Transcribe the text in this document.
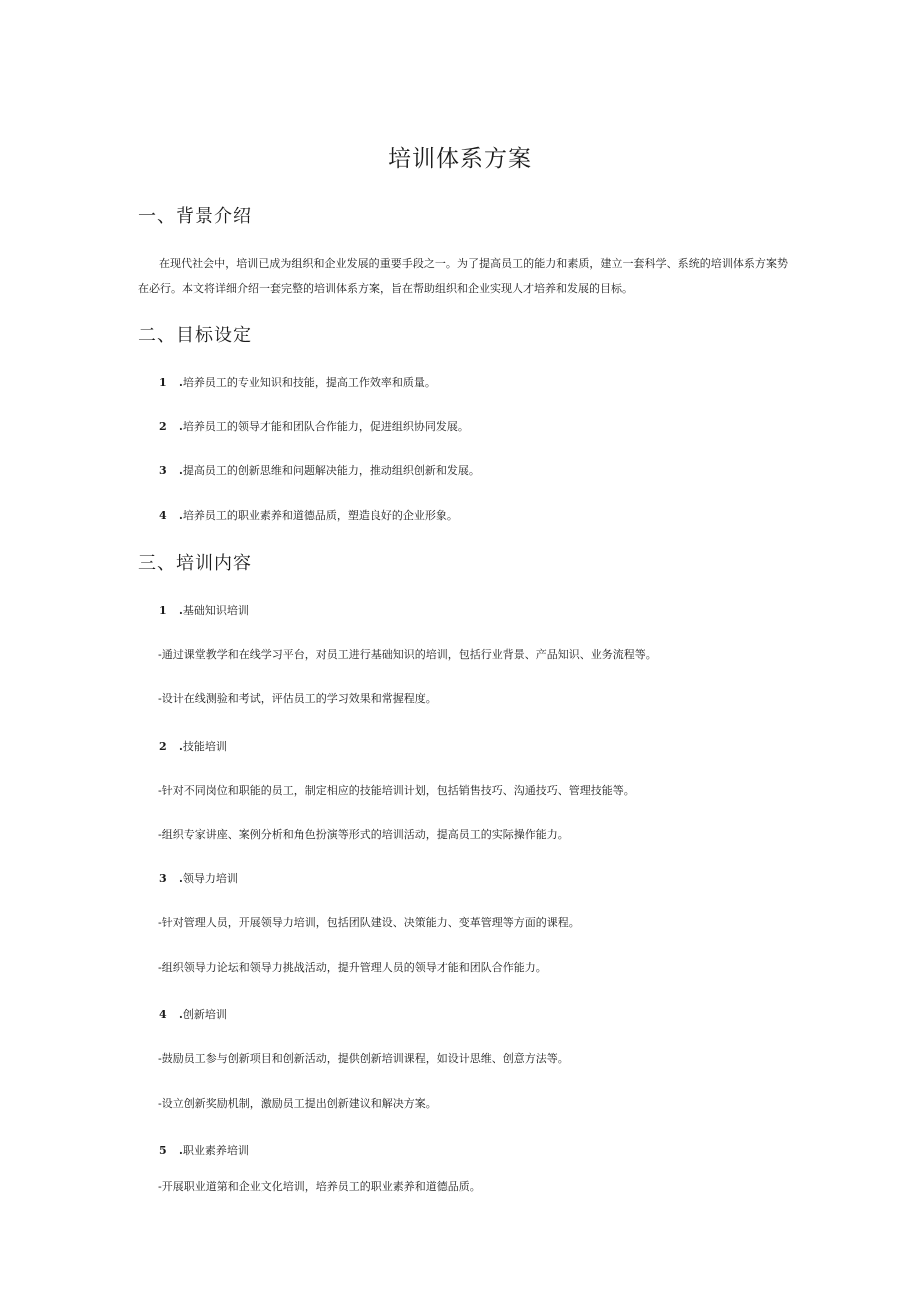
培训体系方案
一、背景介绍
在现代社会中，培训已成为组织和企业发展的重要手段之一。为了提高员工的能力和素质，建立一套科学、系统的培训体系方案势在必行。本文将详细介绍一套完整的培训体系方案，旨在帮助组织和企业实现人才培养和发展的目标。
二、目标设定
1 .培养员工的专业知识和技能，提高工作效率和质量。
2 .培养员工的领导才能和团队合作能力，促进组织协同发展。
3 .提高员工的创新思维和问题解决能力，推动组织创新和发展。
4 .培养员工的职业素养和道德品质，塑造良好的企业形象。
三、培训内容
1 .基础知识培训
-通过课堂教学和在线学习平台，对员工进行基础知识的培训，包括行业背景、产品知识、业务流程等。
-设计在线测验和考试，评估员工的学习效果和常握程度。
2 .技能培训
-针对不同岗位和职能的员工，制定相应的技能培训计划，包括销售技巧、沟通技巧、管理技能等。
-组织专家讲座、案例分析和角色扮演等形式的培训活动，提高员工的实际操作能力。
3 .领导力培训
-针对管理人员，开展领导力培训，包括团队建设、决策能力、变革管理等方面的课程。
-组织领导力论坛和领导力挑战活动，提升管理人员的领导才能和团队合作能力。
4 .创新培训
-鼓励员工参与创新项目和创新活动，提供创新培训课程，如设计思维、创意方法等。
-设立创新奖励机制，激励员工提出创新建议和解决方案。
5 .职业素养培训
-开展职业道第和企业文化培训，培养员工的职业素养和道德品质。
